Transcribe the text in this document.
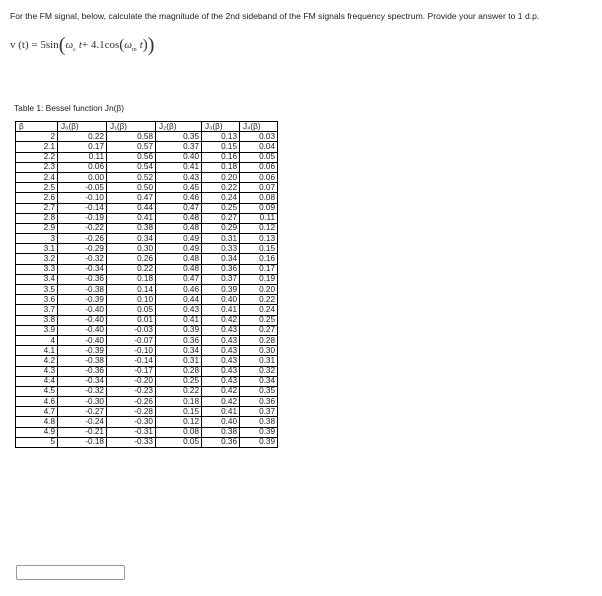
For the FM signal, below, calculate the magnitude of the 2nd sideband of the FM signals frequency spectrum. Provide your answer to 1 d.p.
v (t) = 5sin ( ω c t + 4.1cos ( ω m t ) )
Table 1: Bessel function Jn(β)
β	J₀(β)	J₁(β)	J₂(β)	J₃(β)	J₄(β)
2	0.22	0.58	0.35	0.13	0.03
2.1	0.17	0.57	0.37	0.15	0.04
2.2	0.11	0.56	0.40	0.16	0.05
2.3	0.06	0.54	0.41	0.18	0.06
2.4	0.00	0.52	0.43	0.20	0.06
2.5	-0.05	0.50	0.45	0.22	0.07
2.6	-0.10	0.47	0.46	0.24	0.08
2.7	-0.14	0.44	0.47	0.25	0.09
2.8	-0.19	0.41	0.48	0.27	0.11
2.9	-0.22	0.38	0.48	0.29	0.12
3	-0.26	0.34	0.49	0.31	0.13
3.1	-0.29	0.30	0.49	0.33	0.15
3.2	-0.32	0.26	0.48	0.34	0.16
3.3	-0.34	0.22	0.48	0.36	0.17
3.4	-0.36	0.18	0.47	0.37	0.19
3.5	-0.38	0.14	0.46	0.39	0.20
3.6	-0.39	0.10	0.44	0.40	0.22
3.7	-0.40	0.05	0.43	0.41	0.24
3.8	-0.40	0.01	0.41	0.42	0.25
3.9	-0.40	-0.03	0.39	0.43	0.27
4	-0.40	-0.07	0.36	0.43	0.28
4.1	-0.39	-0.10	0.34	0.43	0.30
4.2	-0.38	-0.14	0.31	0.43	0.31
4.3	-0.36	-0.17	0.28	0.43	0.32
4.4	-0.34	-0.20	0.25	0.43	0.34
4.5	-0.32	-0.23	0.22	0.42	0.35
4.6	-0.30	-0.26	0.18	0.42	0.36
4.7	-0.27	-0.28	0.15	0.41	0.37
4.8	-0.24	-0.30	0.12	0.40	0.38
4.9	-0.21	-0.31	0.08	0.38	0.39
5	-0.18	-0.33	0.05	0.36	0.39
